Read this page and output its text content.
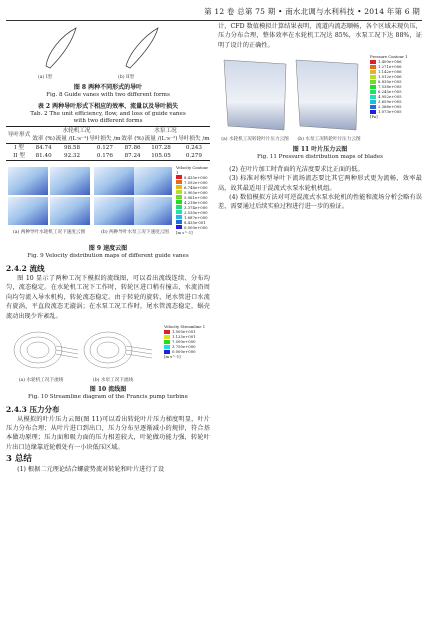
第 12 卷 总第 75 期 • 南水北调与水利科技 • 2014 年第 6 期
(a) I型	(b) II型
图 8 两种不同形式的导叶
Fig. 8 Guide vanes with two different forms
表 2 两种导叶形式下相应的效率、流量以及导叶损失
Tab. 2 The unit efficiency, flow, and loss of guide vanes
with two different forms
导叶形式	水轮机工况			水泵工况		
	效率 (%)	流量 /(L·s⁻¹)	导叶损失 /m	效率 (%)	流量 /(L·s⁻¹)	导叶损失 /m
I 型	84.74	98.58	0.127	87.86	107.28	0.243
II 型	81.40	92.32	0.176	87.24	105.05	0.279
Velocity Contour 1
8.435e+000
7.592e+000
6.748e+000
5.905e+000
5.061e+000
4.218e+000
3.374e+000
2.530e+000
1.687e+000
8.435e-001
0.000e+000
[m s^-1]
(a) 两种导叶水轮机工况下速度云图	(b) 两种导叶水泵工况下速度云图
图 9 速度云图
Fig. 9 Velocity distribution maps of different guide vanes
2.4.2 流线
图 10 显示了两种工况下模拟的流线图，可以看出流线连续、分布均匀，流态稳定。在水轮机工况下工作时，转轮区进口稍有撞击，水流沿周向均匀流入导水机构，转轮流态稳定。由于转轮的旋转，尾水管进口水流有旋涡，平直段流态无漩涡；在水泵工况工作时，尾水管流态稳定，蜗壳流动出现少许紊乱。
Velocity Streamline 1
1.500e+001
1.125e+001
7.500e+000
3.750e+000
0.000e+000
[m s^-1]
(a) 水轮机工况下流线	(b) 水泵工况下流线
图 10 流线图
Fig. 10 Streamline diagram of the Francis pump turbine
2.4.3 压力分布
从模拟的叶片压力云图(图 11)可以看出转轮叶片压力梯度明显，叶片压力分布合理；从叶片进口到出口，压力分布呈逐渐减小的规律，符合基本做功原理；压力面和吸力面的压力相差较大，叶轮做功能力强，转轮叶片出口边缘靠近轮毂处有一小块低压区域。
3 总结
(1) 根据二元理论结合螺旋势流对转轮和叶片进行了设
计，CFD 数值模拟计算结果表明，流道内流态顺畅，各个区域未现负压，压力分布合理，整体效率在水轮机工况达 85%，水泵工况下达 88%，证明了设计的正确性。
Pressure Contour 1
1.400e+006
1.271e+006
1.142e+006
1.012e+006
8.830e+005
7.538e+005
6.245e+005
4.952e+005
3.659e+005
2.366e+005
1.073e+005
[Pa]
(a) 水轮机工况转轮叶片压力云图	(b) 水泵工况转轮叶片压力云图
图 11 叶片压力云图
Fig. 11 Pressure distribution maps of blades
(2) 在叶片加工时背面的光洁度要求比正面的低。
(3) 标准对称型导叶下流场流态要比其它两种形式更为流畅，效率最高，故其最适用于混流式水泵水轮机机组。
(4) 数值模拟方法对可逆混流式水泵水轮机的性能和流场分析会略有误差，需要通过后续实验过程进行进一步的验证。
